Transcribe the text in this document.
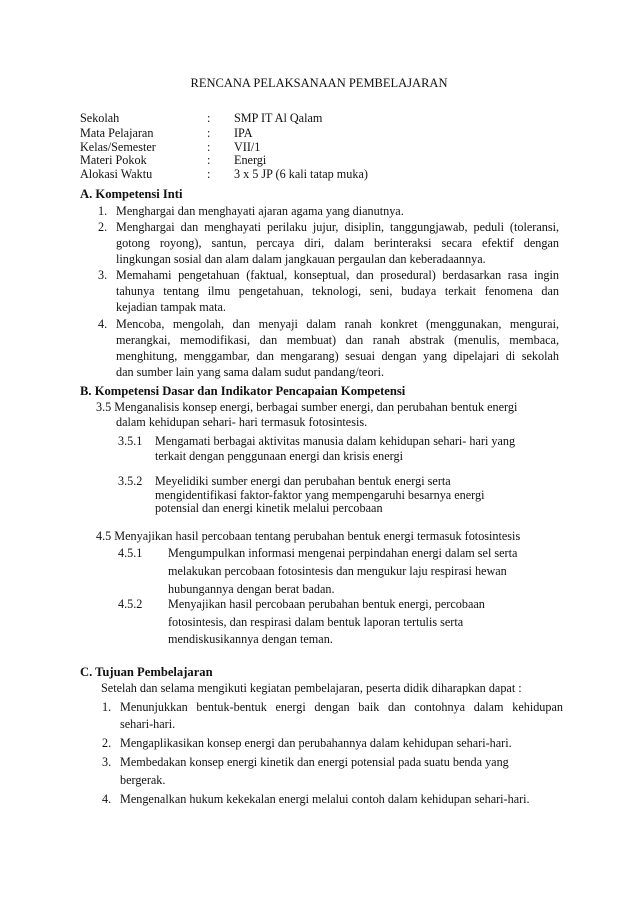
RENCANA PELAKSANAAN PEMBELAJARAN
Sekolah	: SMP IT Al Qalam
Mata Pelajaran	: IPA
Kelas/Semester	: VII/1
Materi Pokok	: Energi
Alokasi Waktu	: 3 x 5 JP (6 kali tatap muka)
A. Kompetensi Inti
1. Menghargai dan menghayati ajaran agama yang dianutnya.
2. Menghargai dan menghayati perilaku jujur, disiplin, tanggungjawab, peduli (toleransi,
gotong royong), santun, percaya diri, dalam berinteraksi secara efektif dengan
lingkungan sosial dan alam dalam jangkauan pergaulan dan keberadaannya.
3. Memahami pengetahuan (faktual, konseptual, dan prosedural) berdasarkan rasa ingin
tahunya tentang ilmu pengetahuan, teknologi, seni, budaya terkait fenomena dan
kejadian tampak mata.
4. Mencoba, mengolah, dan menyaji dalam ranah konkret (menggunakan, mengurai,
merangkai, memodifikasi, dan membuat) dan ranah abstrak (menulis, membaca,
menghitung, menggambar, dan mengarang) sesuai dengan yang dipelajari di sekolah
dan sumber lain yang sama dalam sudut pandang/teori.
B. Kompetensi Dasar dan Indikator Pencapaian Kompetensi
3.5 Menganalisis konsep energi, berbagai sumber energi, dan perubahan bentuk energi
dalam kehidupan sehari- hari termasuk fotosintesis.
3.5.1 Mengamati berbagai aktivitas manusia dalam kehidupan sehari- hari yang
terkait dengan penggunaan energi dan krisis energi
3.5.2 Meyelidiki sumber energi dan perubahan bentuk energi serta
mengidentifikasi faktor-faktor yang mempengaruhi besarnya energi
potensial dan energi kinetik melalui percobaan
4.5 Menyajikan hasil percobaan tentang perubahan bentuk energi termasuk fotosintesis
4.5.1 Mengumpulkan informasi mengenai perpindahan energi dalam sel serta
melakukan percobaan fotosintesis dan mengukur laju respirasi hewan
hubungannya dengan berat badan.
4.5.2 Menyajikan hasil percobaan perubahan bentuk energi, percobaan
fotosintesis, dan respirasi dalam bentuk laporan tertulis serta
mendiskusikannya dengan teman.
C. Tujuan Pembelajaran
Setelah dan selama mengikuti kegiatan pembelajaran, peserta didik diharapkan dapat :
1. Menunjukkan bentuk-bentuk energi dengan baik dan contohnya dalam kehidupan
sehari-hari.
2. Mengaplikasikan konsep energi dan perubahannya dalam kehidupan sehari-hari.
3. Membedakan konsep energi kinetik dan energi potensial pada suatu benda yang
bergerak.
4. Mengenalkan hukum kekekalan energi melalui contoh dalam kehidupan sehari-hari.
